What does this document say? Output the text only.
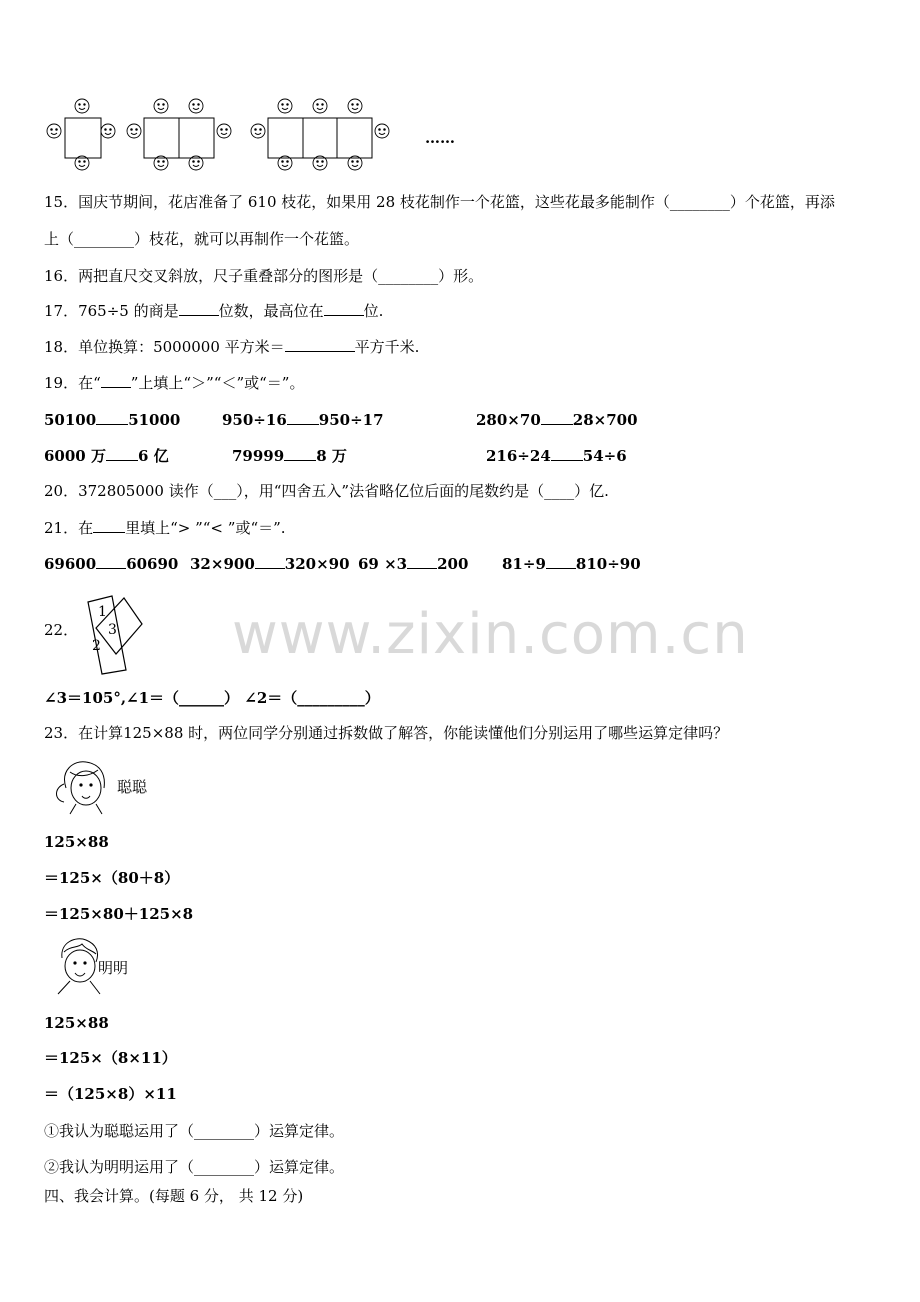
……
15．国庆节期间，花店准备了 610 枝花，如果用 28 枝花制作一个花篮，这些花最多能制作（________）个花篮，再添
上（________）枝花，就可以再制作一个花篮。
16．两把直尺交叉斜放，尺子重叠部分的图形是（________）形。
17．765÷5 的商是	位数，最高位在	位.
18．单位换算：5000000 平方米＝	平方千米.
19．在“ ”上填上“＞”“＜”或“＝”。
50100 51000	950÷16 950÷17	280×70 28×700
6000 万 6 亿	79999 8 万	216÷24 54÷6
20．372805000 读作（___），用“四舍五入”法省略亿位后面的尾数约是（____）亿.
21．在 里填上“> ”“< ”或“＝”.
69600 60690 32×900 320×90 69 ×3 200 81÷9 810÷90
22．
1
3
2
∠3＝105°,∠1＝（______） ∠2＝（_________）
23．在计算125×88 时，两位同学分别通过拆数做了解答，你能读懂他们分别运用了哪些运算定律吗？
聪聪
125×88
＝125×（80＋8）
＝125×80＋125×8
明明
125×88
＝125×（8×11）
＝（125×8）×11
①我认为聪聪运用了（________）运算定律。
②我认为明明运用了（________）运算定律。
四、我会计算。(每题 6 分， 共 12 分)
www.zixin.com.cn
